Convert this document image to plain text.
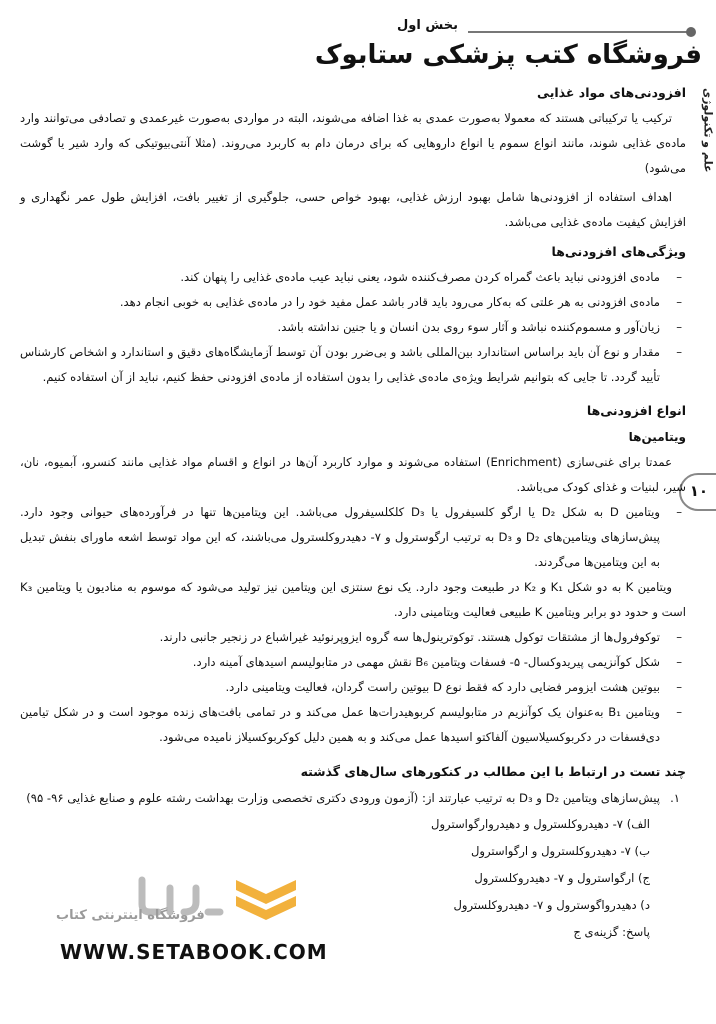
بخش اول
فروشگاه کتب پزشکی ستابوک
علم و تکنولوژی
۱۰

افزودنی‌های مواد غذایی

ترکیب یا ترکیباتی هستند که معمولا به‌صورت عمدی به غذا اضافه می‌شوند، البته در مواردی به‌صورت غیرعمدی و تصادفی می‌توانند وارد ماده‌ی غذایی شوند، مانند انواع سموم یا انواع داروهایی که برای درمان دام به کاربرد می‌روند. (مثلا آنتی‌بیوتیکی که وارد شیر یا گوشت می‌شود)

اهداف استفاده از افزودنی‌ها شامل بهبود ارزش غذایی، بهبود خواص حسی، جلوگیری از تغییر بافت، افزایش طول عمر نگهداری و افزایش کیفیت ماده‌ی غذایی می‌باشد.

ویژگی‌های افزودنی‌ها

– ماده‌ی افزودنی نباید باعث گمراه کردن مصرف‌کننده شود، یعنی نباید عیب ماده‌ی غذایی را پنهان کند.
– ماده‌ی افزودنی به هر علتی که به‌کار می‌رود باید قادر باشد عمل مفید خود را در ماده‌ی غذایی به خوبی انجام دهد.
– زیان‌آور و مسموم‌کننده نباشد و آثار سوء روی بدن انسان و یا جنین نداشته باشد.
– مقدار و نوع آن باید براساس استاندارد بین‌المللی باشد و بی‌ضرر بودن آن توسط آزمایشگاه‌های دقیق و استاندارد و اشخاص کارشناس تأیید گردد. تا جایی که بتوانیم شرایط ویژه‌ی ماده‌ی غذایی را بدون استفاده از ماده‌ی افزودنی حفظ کنیم، نباید از آن استفاده کنیم.

انواع افزودنی‌ها

ویتامین‌ها

عمدتا برای غنی‌سازی (Enrichment) استفاده می‌شوند و موارد کاربرد آن‌ها در انواع و اقسام مواد غذایی مانند کنسرو، آبمیوه، نان، شیر، لبنیات و غذای کودک می‌باشد.

– ویتامین D به شکل D₂ یا ارگو کلسیفرول یا D₃ کلکلسیفرول می‌باشد. این ویتامین‌ها تنها در فرآورده‌های حیوانی وجود دارد. پیش‌سازهای ویتامین‌های D₂ و D₃ به ترتیب ارگوسترول و ۷- دهیدروکلسترول می‌باشند، که این مواد توسط اشعه ماورای بنفش تبدیل به این ویتامین‌ها می‌گردند.

ویتامین K به دو شکل K₁ و K₂ در طبیعت وجود دارد. یک نوع سنتزی این ویتامین نیز تولید می‌شود که موسوم به منادیون یا ویتامین K₃ است و حدود دو برابر ویتامین K طبیعی فعالیت ویتامینی دارد.

– توکوفرول‌ها از مشتقات توکول هستند. توکوترینول‌ها سه گروه ایزوپرنوئید غیراشباع در زنجیر جانبی دارند.
– شکل کوآنزیمی پیریدوکسال- ۵- فسفات ویتامین B₆ نقش مهمی در متابولیسم اسیدهای آمینه دارد.
– بیوتین هشت ایزومر فضایی دارد که فقط نوع D بیوتین راست گردان، فعالیت ویتامینی دارد.
– ویتامین B₁ به‌عنوان یک کوآنزیم در متابولیسم کربوهیدرات‌ها عمل می‌کند و در تمامی بافت‌های زنده موجود است و در شکل تیامین دی‌فسفات در دکربوکسیلاسیون آلفاکتو اسیدها عمل می‌کند و به همین دلیل کوکربوکسیلاز نامیده می‌شود.

چند تست در ارتباط با این مطالب در کنکورهای سال‌های گذشته

۱.
پیش‌سازهای ویتامین D₂ و D₃ به ترتیب عبارتند از: (آزمون ورودی دکتری تخصصی وزارت بهداشت رشته علوم و صنایع غذایی ۹۶- ۹۵)
الف) ۷- دهیدروکلسترول و دهیدروارگواسترول
ب) ۷- دهیدروکلسترول و ارگواسترول
ج) ارگواسترول و ۷- دهیدروکلسترول
د) دهیدرواگوسترول و ۷- دهیدروکلسترول
پاسخ: گزینه‌ی ج
فروشگاه اینترنتی کتاب
WWW.SETABOOK.COM
